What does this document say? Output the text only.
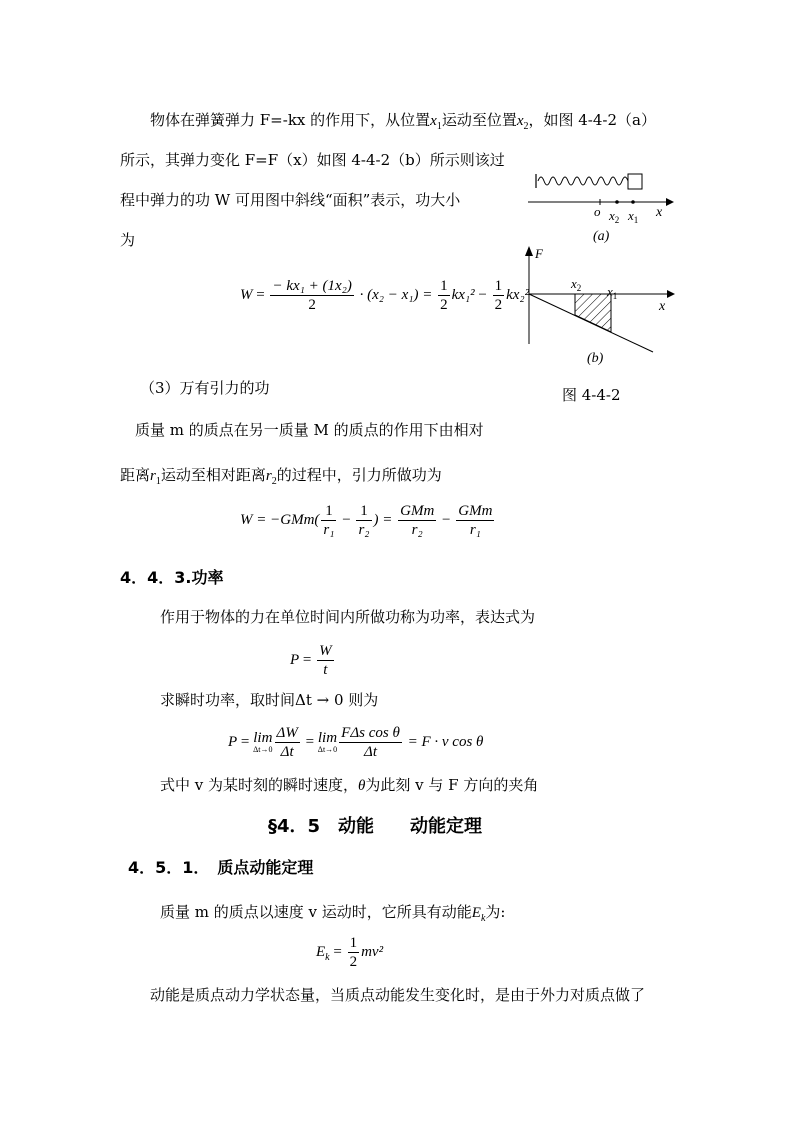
物体在弹簧弹力 F=-kx 的作用下，从位置$x_1$运动至位置$x_2$，如图 4-4-2（a）
所示，其弹力变化 F=F（x）如图 4-4-2（b）所示则该过
程中弹力的功 W 可用图中斜线“面积”表示，功大小
为
o $x_2$ $x_1$ x
(a)
F
$x_2$ $x_1$
x
(b)
$W = \frac{\text{− kx₁ + (1x₂)}}{2} \cdot (x_2 - x_1) = \frac{1}{2} kx_1^2 - \frac{1}{2} kx_2^2$
（3）万有引力的功	图 4-4-2
质量 m 的质点在另一质量 M 的质点的作用下由相对
距离$r_1$运动至相对距离$r_2$的过程中，引力所做功为
$W = -GMm( \frac{1}{\text{r₁}} - \frac{1}{\text{r₂}}$ ) = $\frac{\text{GMm}}{\text{r₂}} - \frac{\text{GMm}}{\text{r₁}}$
4．4．3.功率
作用于物体的力在单位时间内所做功称为功率，表达式为
$P = \frac{W}{t}$
求瞬时功率，取时间Δt → 0 则为
P = lim
$\Delta t\to 0 \frac{\Delta W}{\Delta t} = \lim$
$\Delta t\to 0 \frac{\text{FΔs cos θ}}{\Delta t} = F \cdot v$ cos θ
式中 v 为某时刻的瞬时速度，θ为此刻 v 与 F 方向的夹角
§4．5　动能　　动能定理
4．5．1．　质点动能定理
质量 m 的质点以速度 v 运动时，它所具有动能$E_k$为:
$E_k = \frac{1}{2} mv^2$
动能是质点动力学状态量，当质点动能发生变化时，是由于外力对质点做了
